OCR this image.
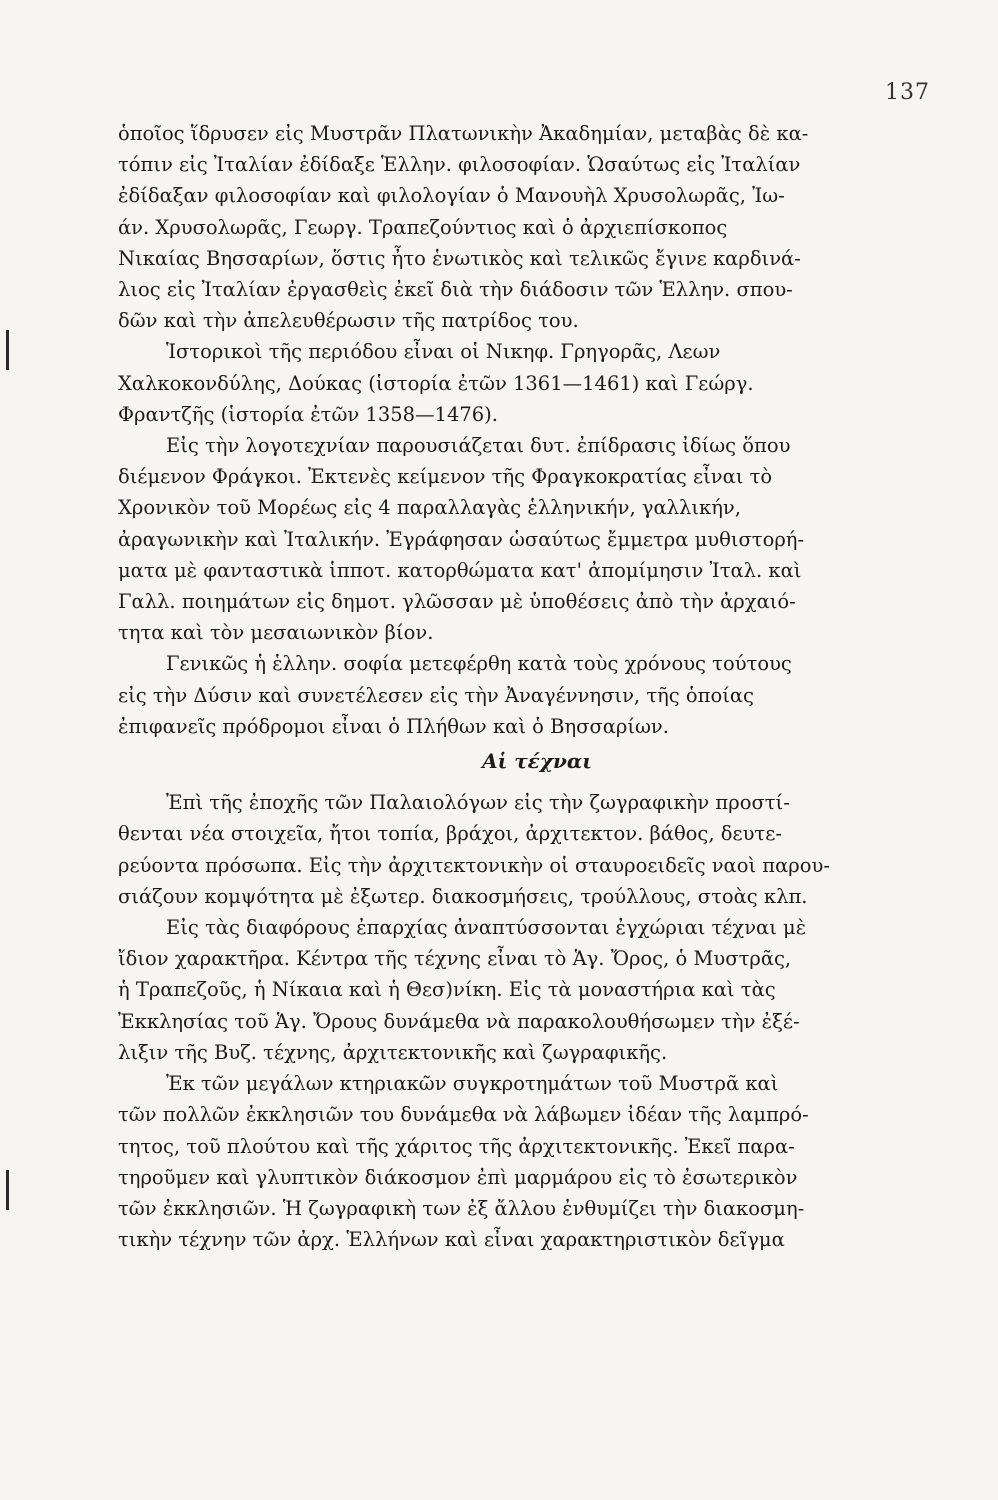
137
ὁποῖος ἵδρυσεν εἰς Μυστρᾶν Πλατωνικὴν Ἀκαδημίαν, μεταβὰς δὲ κα-
τόπιν εἰς Ἰταλίαν ἐδίδαξε Ἑλλην. φιλοσοφίαν. Ὡσαύτως εἰς Ἰταλίαν
ἐδίδαξαν φιλοσοφίαν καὶ φιλολογίαν ὁ Μανουὴλ Χρυσολωρᾶς, Ἰω-
άν. Χρυσολωρᾶς, Γεωργ. Τραπεζούντιος καὶ ὁ ἀρχιεπίσκοπος
Νικαίας Βησσαρίων, ὅστις ἦτο ἑνωτικὸς καὶ τελικῶς ἔγινε καρδινά-
λιος εἰς Ἰταλίαν ἐργασθεὶς ἐκεῖ διὰ τὴν διάδοσιν τῶν Ἑλλην. σπου-
δῶν καὶ τὴν ἀπελευθέρωσιν τῆς πατρίδος του.
Ἱστορικοὶ τῆς περιόδου εἶναι οἱ Νικηφ. Γρηγορᾶς, Λεων
Χαλκοκονδύλης, Δούκας (ἱστορία ἐτῶν 1361—1461) καὶ Γεώργ.
Φραντζῆς (ἱστορία ἐτῶν 1358—1476).
Εἰς τὴν λογοτεχνίαν παρουσιάζεται δυτ. ἐπίδρασις ἰδίως ὅπου
διέμενον Φράγκοι. Ἐκτενὲς κείμενον τῆς Φραγκοκρατίας εἶναι τὸ
Χρονικὸν τοῦ Μορέως εἰς 4 παραλλαγὰς ἑλληνικήν, γαλλικήν,
ἀραγωνικὴν καὶ Ἰταλικήν. Ἐγράφησαν ὡσαύτως ἔμμετρα μυθιστορή-
ματα μὲ φανταστικὰ ἱπποτ. κατορθώματα κατ' ἀπομίμησιν Ἰταλ. καὶ
Γαλλ. ποιημάτων εἰς δημοτ. γλῶσσαν μὲ ὑποθέσεις ἀπὸ τὴν ἀρχαιό-
τητα καὶ τὸν μεσαιωνικὸν βίον.
Γενικῶς ἡ ἑλλην. σοφία μετεφέρθη κατὰ τοὺς χρόνους τούτους
εἰς τὴν Δύσιν καὶ συνετέλεσεν εἰς τὴν Ἀναγέννησιν, τῆς ὁποίας
ἐπιφανεῖς πρόδρομοι εἶναι ὁ Πλήθων καὶ ὁ Βησσαρίων.
Αἱ τέχναι
Ἐπὶ τῆς ἐποχῆς τῶν Παλαιολόγων εἰς τὴν ζωγραφικὴν προστί-
θενται νέα στοιχεῖα, ἤτοι τοπία, βράχοι, ἀρχιτεκτον. βάθος, δευτε-
ρεύοντα πρόσωπα. Εἰς τὴν ἀρχιτεκτονικὴν οἱ σταυροειδεῖς ναοὶ παρου-
σιάζουν κομψότητα μὲ ἐξωτερ. διακοσμήσεις, τρούλλους, στοὰς κλπ.
Εἰς τὰς διαφόρους ἐπαρχίας ἀναπτύσσονται ἐγχώριαι τέχναι μὲ
ἴδιον χαρακτῆρα. Κέντρα τῆς τέχνης εἶναι τὸ Ἁγ. Ὄρος, ὁ Μυστρᾶς,
ἡ Τραπεζοῦς, ἡ Νίκαια καὶ ἡ Θεσ)νίκη. Εἰς τὰ μοναστήρια καὶ τὰς
Ἐκκλησίας τοῦ Ἁγ. Ὄρους δυνάμεθα νὰ παρακολουθήσωμεν τὴν ἐξέ-
λιξιν τῆς Βυζ. τέχνης, ἀρχιτεκτονικῆς καὶ ζωγραφικῆς.
Ἐκ τῶν μεγάλων κτηριακῶν συγκροτημάτων τοῦ Μυστρᾶ καὶ
τῶν πολλῶν ἐκκλησιῶν του δυνάμεθα νὰ λάβωμεν ἰδέαν τῆς λαμπρό-
τητος, τοῦ πλούτου καὶ τῆς χάριτος τῆς ἀρχιτεκτονικῆς. Ἐκεῖ παρα-
τηροῦμεν καὶ γλυπτικὸν διάκοσμον ἐπὶ μαρμάρου εἰς τὸ ἐσωτερικὸν
τῶν ἐκκλησιῶν. Ἡ ζωγραφικὴ των ἐξ ἄλλου ἐνθυμίζει τὴν διακοσμη-
τικὴν τέχνην τῶν ἀρχ. Ἑλλήνων καὶ εἶναι χαρακτηριστικὸν δεῖγμα
